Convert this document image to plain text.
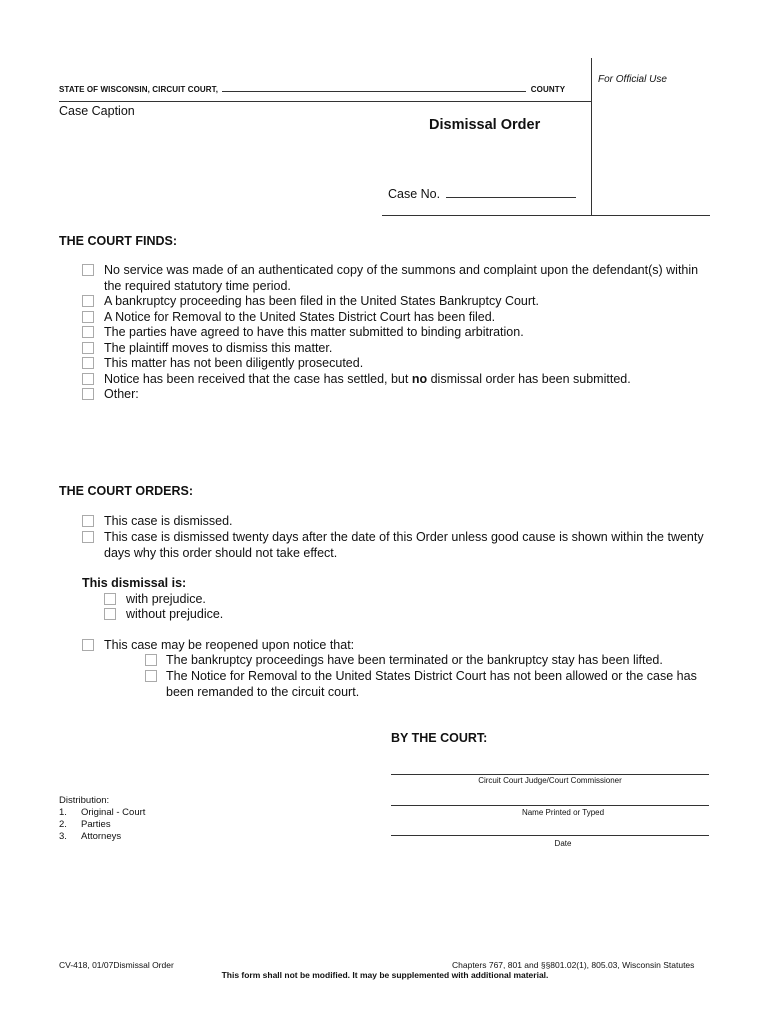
For Official Use
STATE OF WISCONSIN, CIRCUIT COURT,	COUNTY
Case Caption
Dismissal Order
Case No.
THE COURT FINDS:
No service was made of an authenticated copy of the summons and complaint upon the defendant(s) within
the required statutory time period.
A bankruptcy proceeding has been filed in the United States Bankruptcy Court.
A Notice for Removal to the United States District Court has been filed.
The parties have agreed to have this matter submitted to binding arbitration.
The plaintiff moves to dismiss this matter.
This matter has not been diligently prosecuted.
Notice has been received that the case has settled, but no dismissal order has been submitted.
Other:
THE COURT ORDERS:
This case is dismissed.
This case is dismissed twenty days after the date of this Order unless good cause is shown within the twenty
days why this order should not take effect.
This dismissal is:
with prejudice.
without prejudice.
This case may be reopened upon notice that:
The bankruptcy proceedings have been terminated or the bankruptcy stay has been lifted.
The Notice for Removal to the United States District Court has not been allowed or the case has
been remanded to the circuit court.
BY THE COURT:
Circuit Court Judge/Court Commissioner
Name Printed or Typed
Date
Distribution:
1. Original - Court
2. Parties
3. Attorneys
CV-418, 01/07Dismissal Order	Chapters 767, 801 and §§801.02(1), 805.03, Wisconsin Statutes
This form shall not be modified. It may be supplemented with additional material.
